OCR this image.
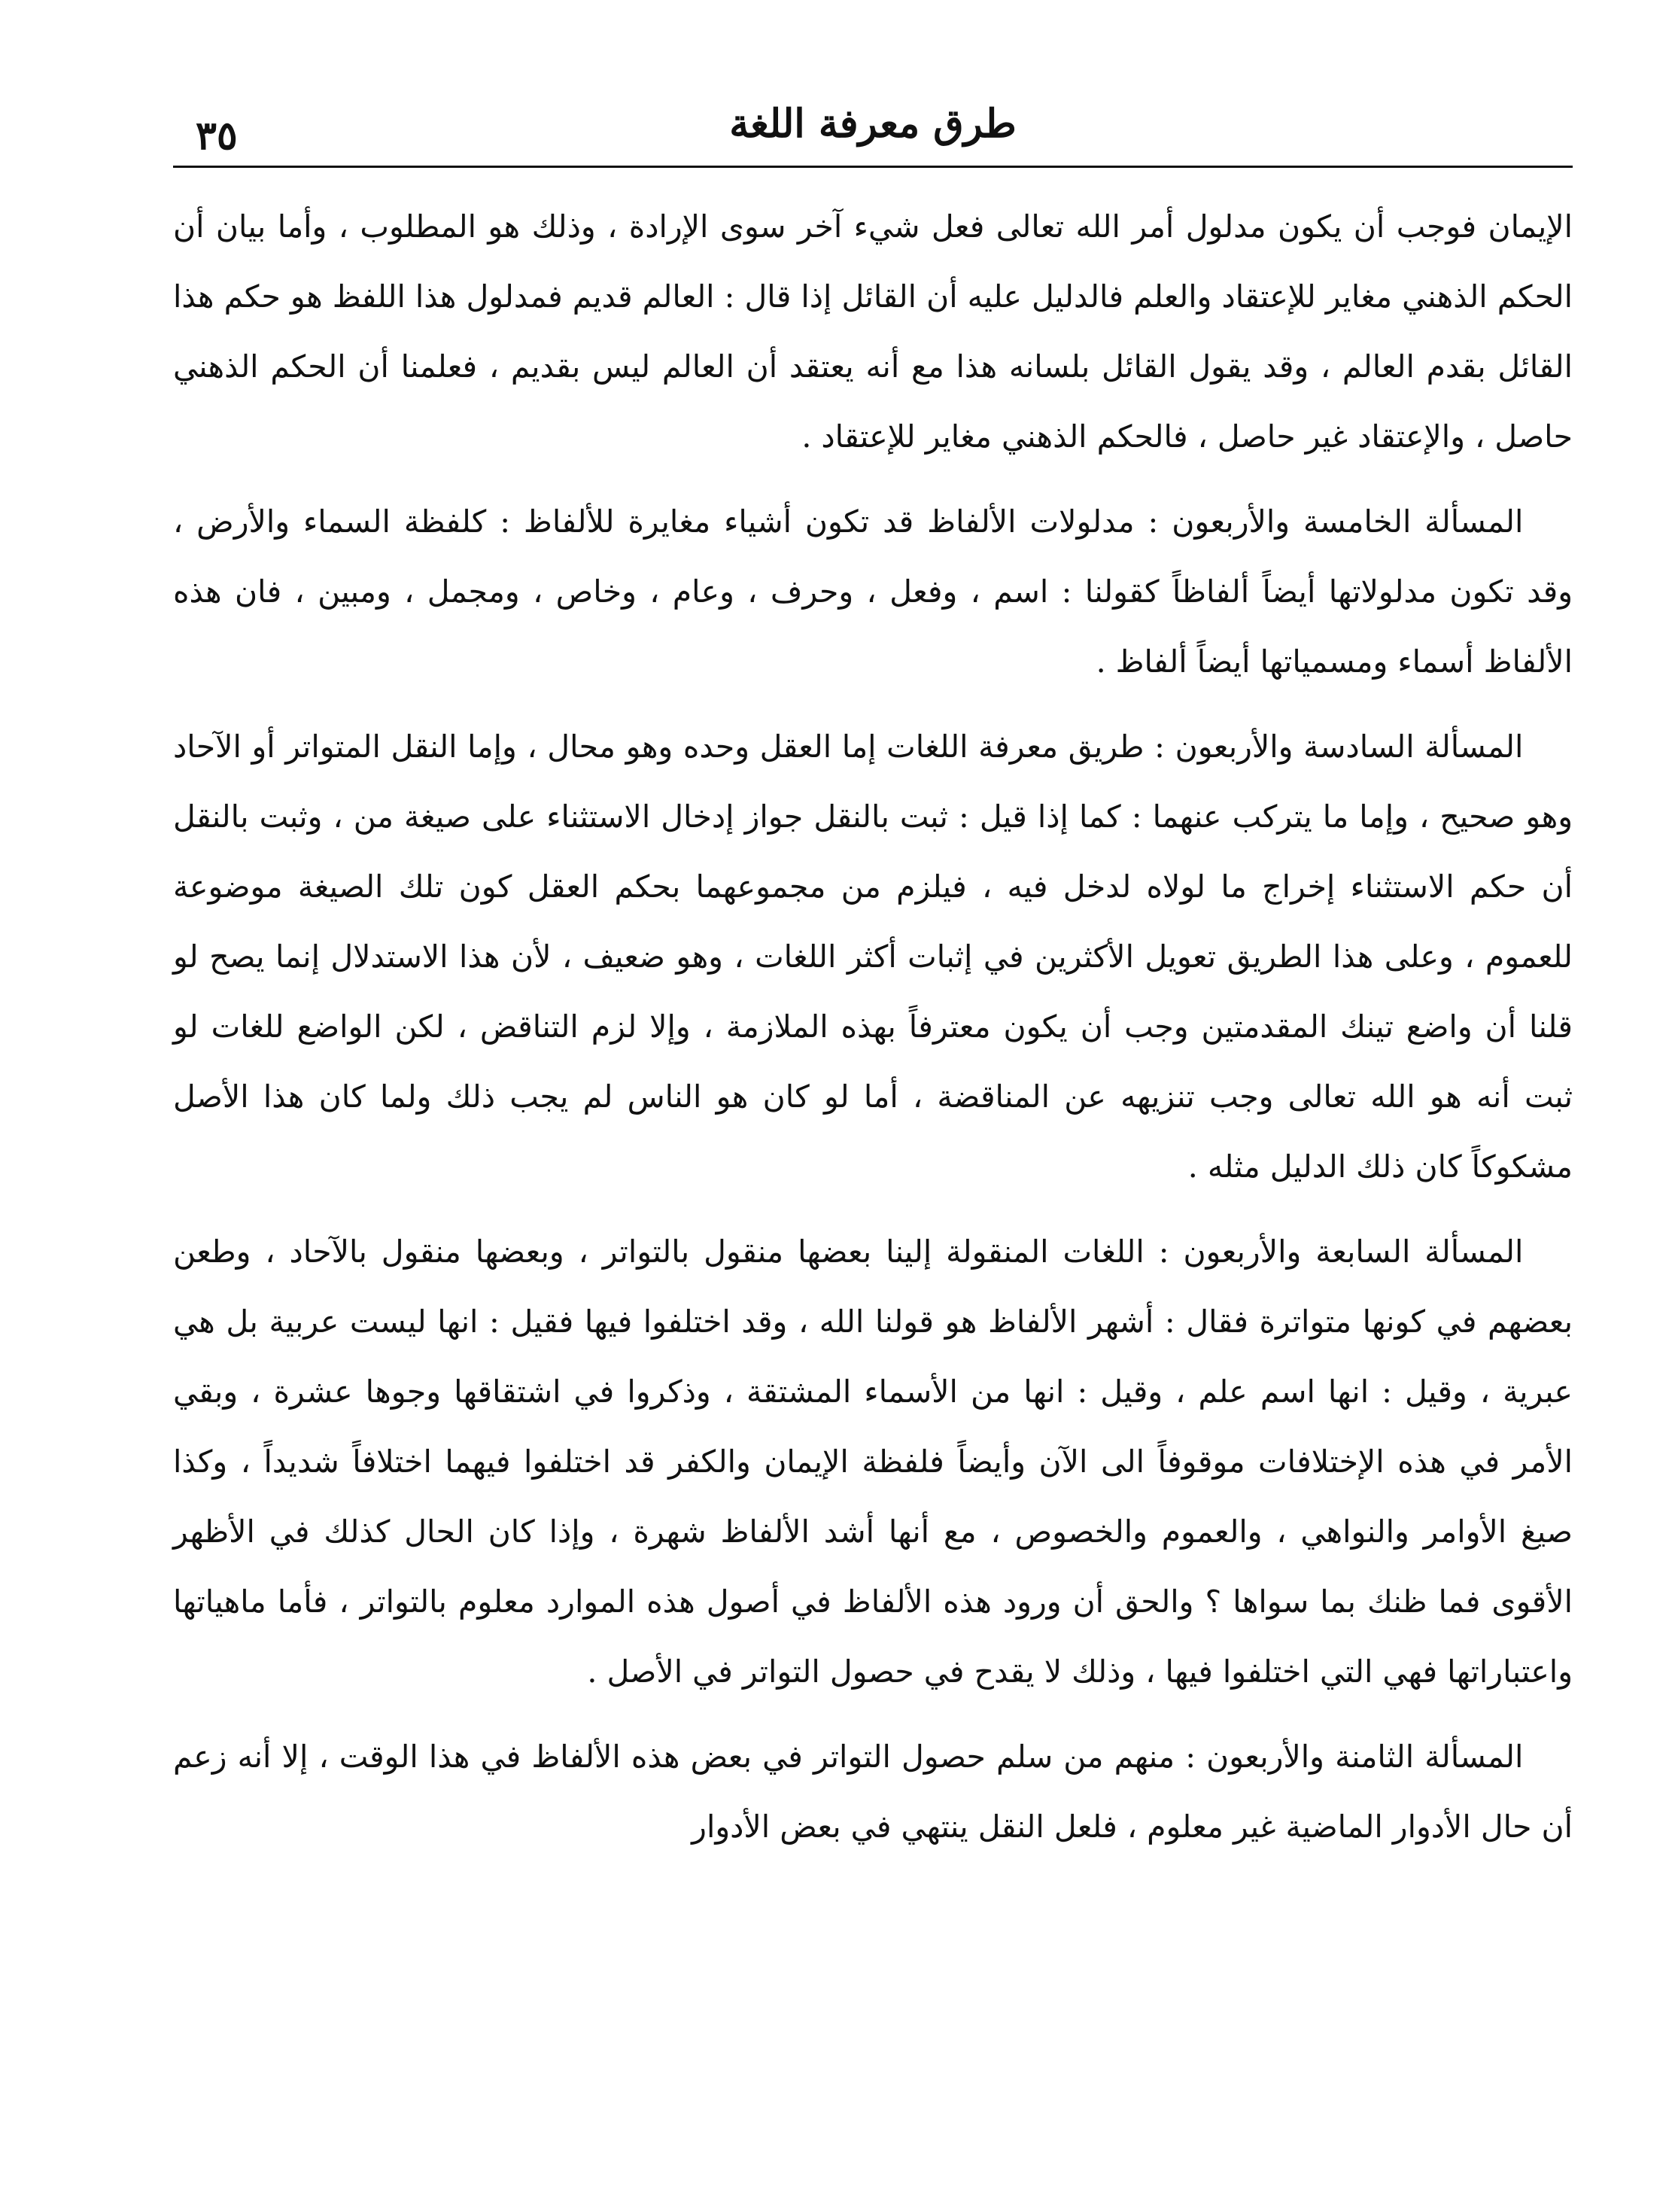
طرق معرفة اللغة
٣٥

الإيمان فوجب أن يكون مدلول أمر الله تعالى فعل شيء آخر سوى الإرادة ، وذلك هو المطلوب ، وأما بيان أن الحكم الذهني مغاير للإعتقاد والعلم فالدليل عليه أن القائل إذا قال : العالم قديم فمدلول هذا اللفظ هو حكم هذا القائل بقدم العالم ، وقد يقول القائل بلسانه هذا مع أنه يعتقد أن العالم ليس بقديم ، فعلمنا أن الحكم الذهني حاصل ، والإعتقاد غير حاصل ، فالحكم الذهني مغاير للإعتقاد .

المسألة الخامسة والأربعون : مدلولات الألفاظ قد تكون أشياء مغايرة للألفاظ : كلفظة السماء والأرض ، وقد تكون مدلولاتها أيضاً ألفاظاً كقولنا : اسم ، وفعل ، وحرف ، وعام ، وخاص ، ومجمل ، ومبين ، فان هذه الألفاظ أسماء ومسمياتها أيضاً ألفاظ .

المسألة السادسة والأربعون : طريق معرفة اللغات إما العقل وحده وهو محال ، وإما النقل المتواتر أو الآحاد وهو صحيح ، وإما ما يتركب عنهما : كما إذا قيل : ثبت بالنقل جواز إدخال الاستثناء على صيغة من ، وثبت بالنقل أن حكم الاستثناء إخراج ما لولاه لدخل فيه ، فيلزم من مجموعهما بحكم العقل كون تلك الصيغة موضوعة للعموم ، وعلى هذا الطريق تعويل الأكثرين في إثبات أكثر اللغات ، وهو ضعيف ، لأن هذا الاستدلال إنما يصح لو قلنا أن واضع تينك المقدمتين وجب أن يكون معترفاً بهذه الملازمة ، وإلا لزم التناقض ، لكن الواضع للغات لو ثبت أنه هو الله تعالى وجب تنزيهه عن المناقضة ، أما لو كان هو الناس لم يجب ذلك ولما كان هذا الأصل مشكوكاً كان ذلك الدليل مثله .

المسألة السابعة والأربعون : اللغات المنقولة إلينا بعضها منقول بالتواتر ، وبعضها منقول بالآحاد ، وطعن بعضهم في كونها متواترة فقال : أشهر الألفاظ هو قولنا الله ، وقد اختلفوا فيها فقيل : انها ليست عربية بل هي عبرية ، وقيل : انها اسم علم ، وقيل : انها من الأسماء المشتقة ، وذكروا في اشتقاقها وجوها عشرة ، وبقي الأمر في هذه الإختلافات موقوفاً الى الآن وأيضاً فلفظة الإيمان والكفر قد اختلفوا فيهما اختلافاً شديداً ، وكذا صيغ الأوامر والنواهي ، والعموم والخصوص ، مع أنها أشد الألفاظ شهرة ، وإذا كان الحال كذلك في الأظهر الأقوى فما ظنك بما سواها ؟ والحق أن ورود هذه الألفاظ في أصول هذه الموارد معلوم بالتواتر ، فأما ماهياتها واعتباراتها فهي التي اختلفوا فيها ، وذلك لا يقدح في حصول التواتر في الأصل .

المسألة الثامنة والأربعون : منهم من سلم حصول التواتر في بعض هذه الألفاظ في هذا الوقت ، إلا أنه زعم أن حال الأدوار الماضية غير معلوم ، فلعل النقل ينتهي في بعض الأدوار
